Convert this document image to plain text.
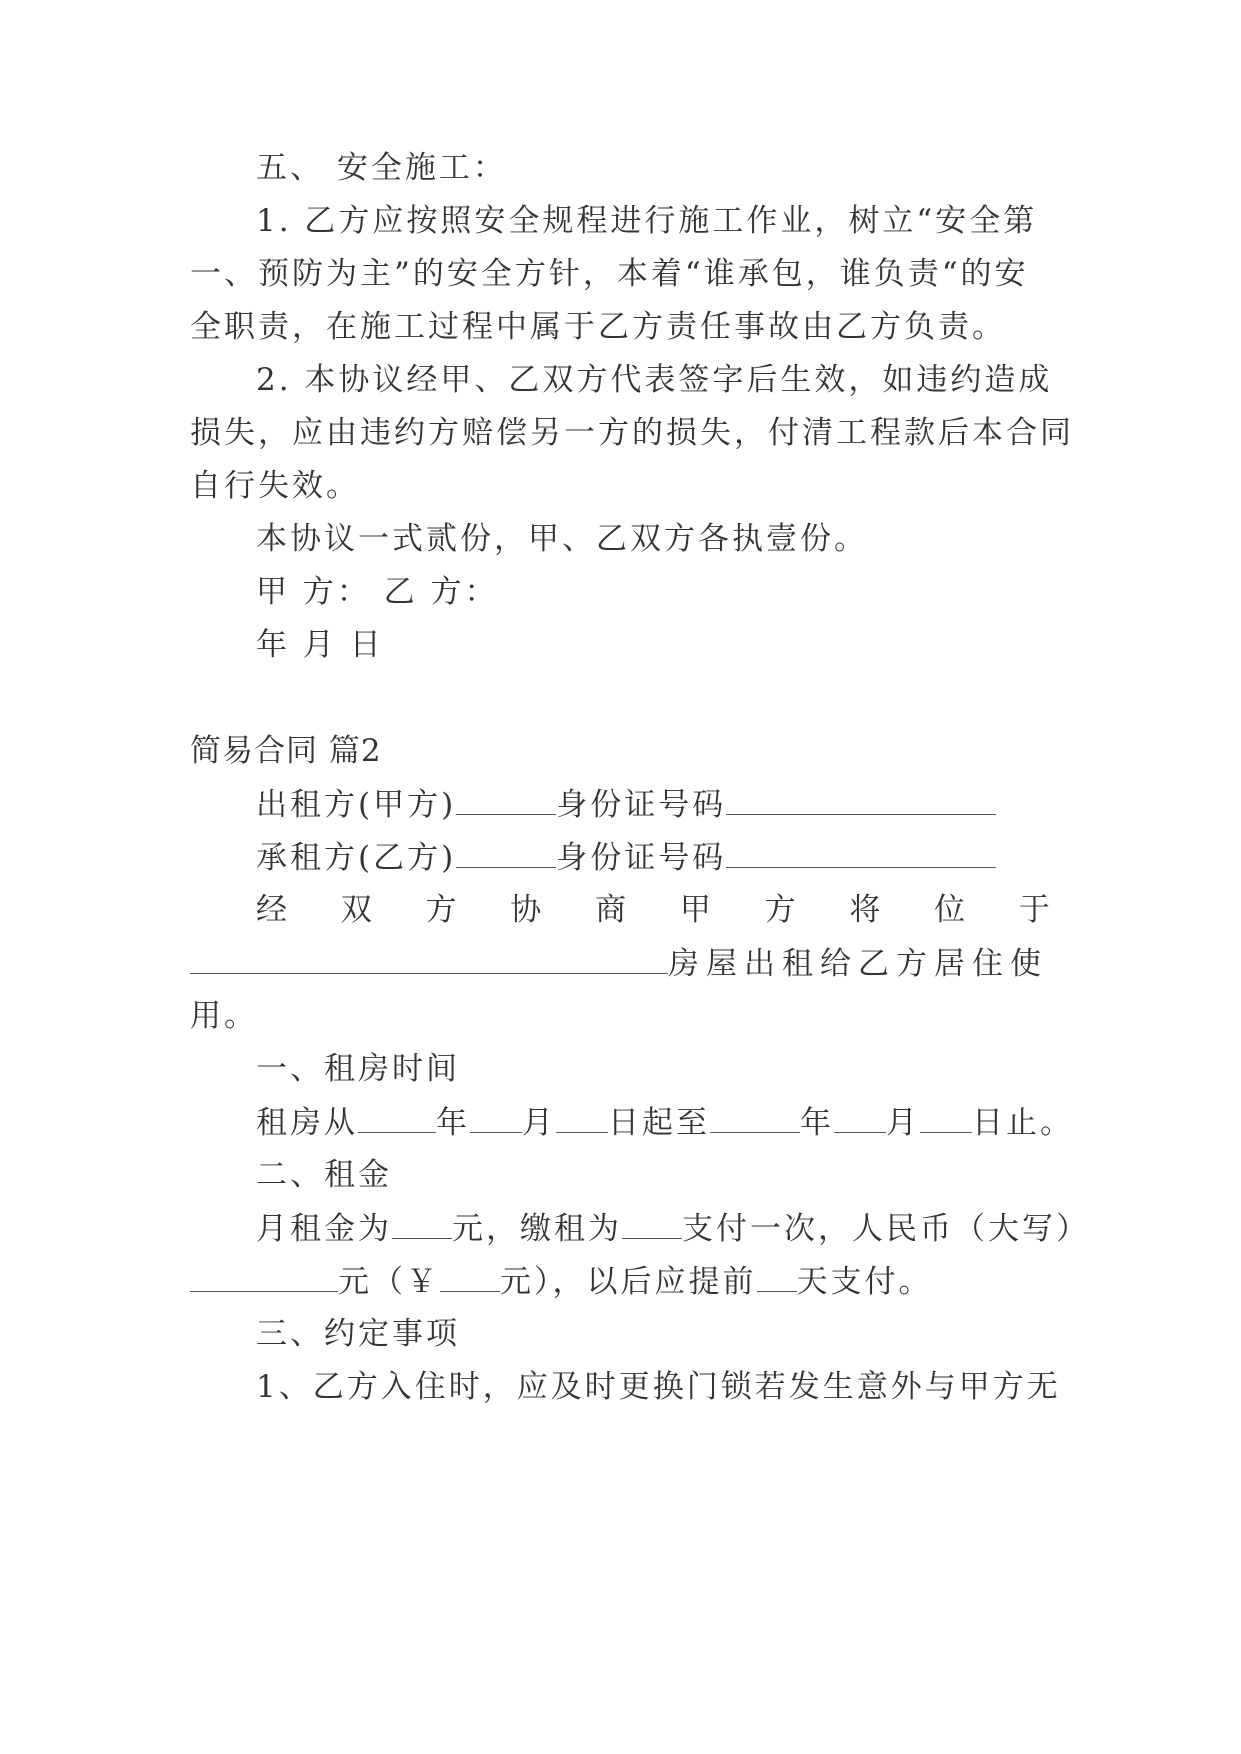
五、 安全施工：
1. 乙方应按照安全规程进行施工作业，树立“安全第
一、预防为主”的安全方针，本着“谁承包，谁负责“的安
全职责，在施工过程中属于乙方责任事故由乙方负责。
2. 本协议经甲、乙双方代表签字后生效，如违约造成
损失，应由违约方赔偿另一方的损失，付清工程款后本合同
自行失效。
本协议一式贰份，甲、乙双方各执壹份。
甲 方： 乙 方：
年 月 日
简易合同 篇2
出租方(甲方)	身份证号码
承租方(乙方)	身份证号码
经 双 方 协 商 甲 方 将 位 于
房屋出租给乙方居住使
用。
一、租房时间
租房从	年 月 日起至	年 月 日止。
二、租金
月租金为 元，缴租为 支付一次，人民币（大写）
元（￥ 元），以后应提前 天支付。
三、约定事项
1、乙方入住时，应及时更换门锁若发生意外与甲方无
